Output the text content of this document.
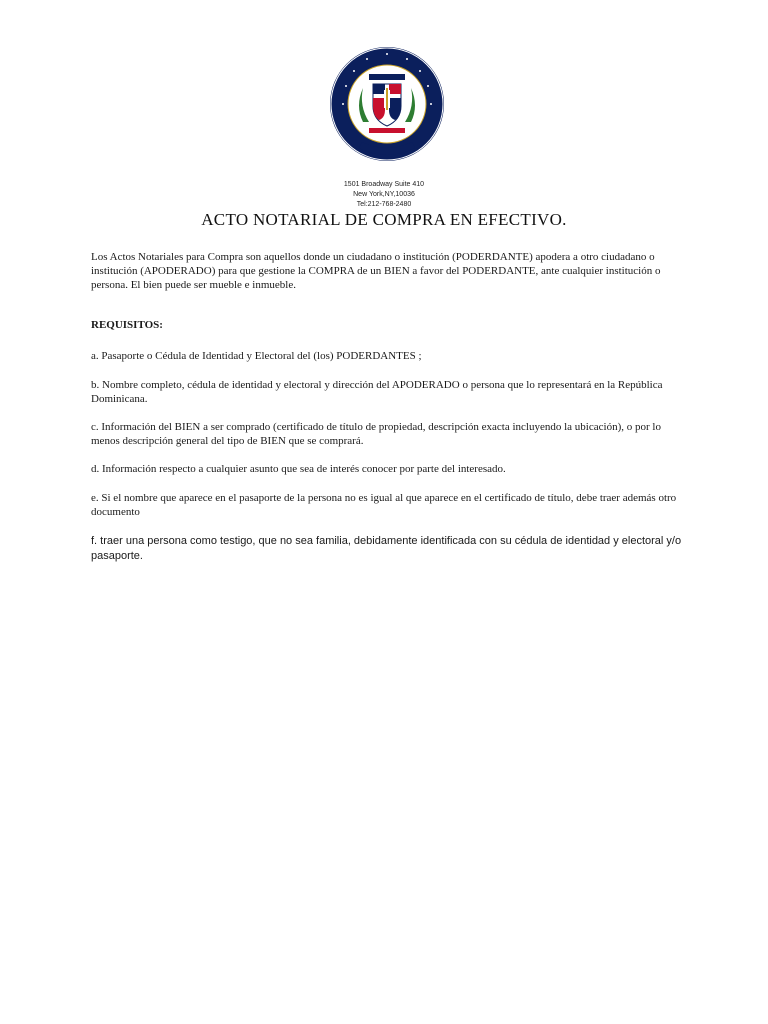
1501 Broadway Suite 410
New York,NY,10036
Tel:212-768-2480
ACTO NOTARIAL DE COMPRA EN EFECTIVO.
Los Actos Notariales para Compra son aquellos donde un ciudadano o institución (PODERDANTE) apodera a otro ciudadano o institución (APODERADO) para que gestione la COMPRA de un BIEN a favor del PODERDANTE, ante cualquier institución o persona. El bien puede ser mueble e inmueble.
REQUISITOS:
a. Pasaporte o Cédula de Identidad y Electoral del (los) PODERDANTES ;
b. Nombre completo, cédula de identidad y electoral y dirección del APODERADO o persona que lo representará en la República Dominicana.
c. Información del BIEN a ser comprado (certificado de título de propiedad, descripción exacta incluyendo la ubicación), o por lo menos descripción general del tipo de BIEN que se comprará.
d. Información respecto a cualquier asunto que sea de interés conocer por parte del interesado.
e. Si el nombre que aparece en el pasaporte de la persona no es igual al que aparece en el certificado de título, debe traer además otro documento
f. traer una persona como testigo, que no sea familia, debidamente identificada con su cédula de identidad y electoral y/o pasaporte.
